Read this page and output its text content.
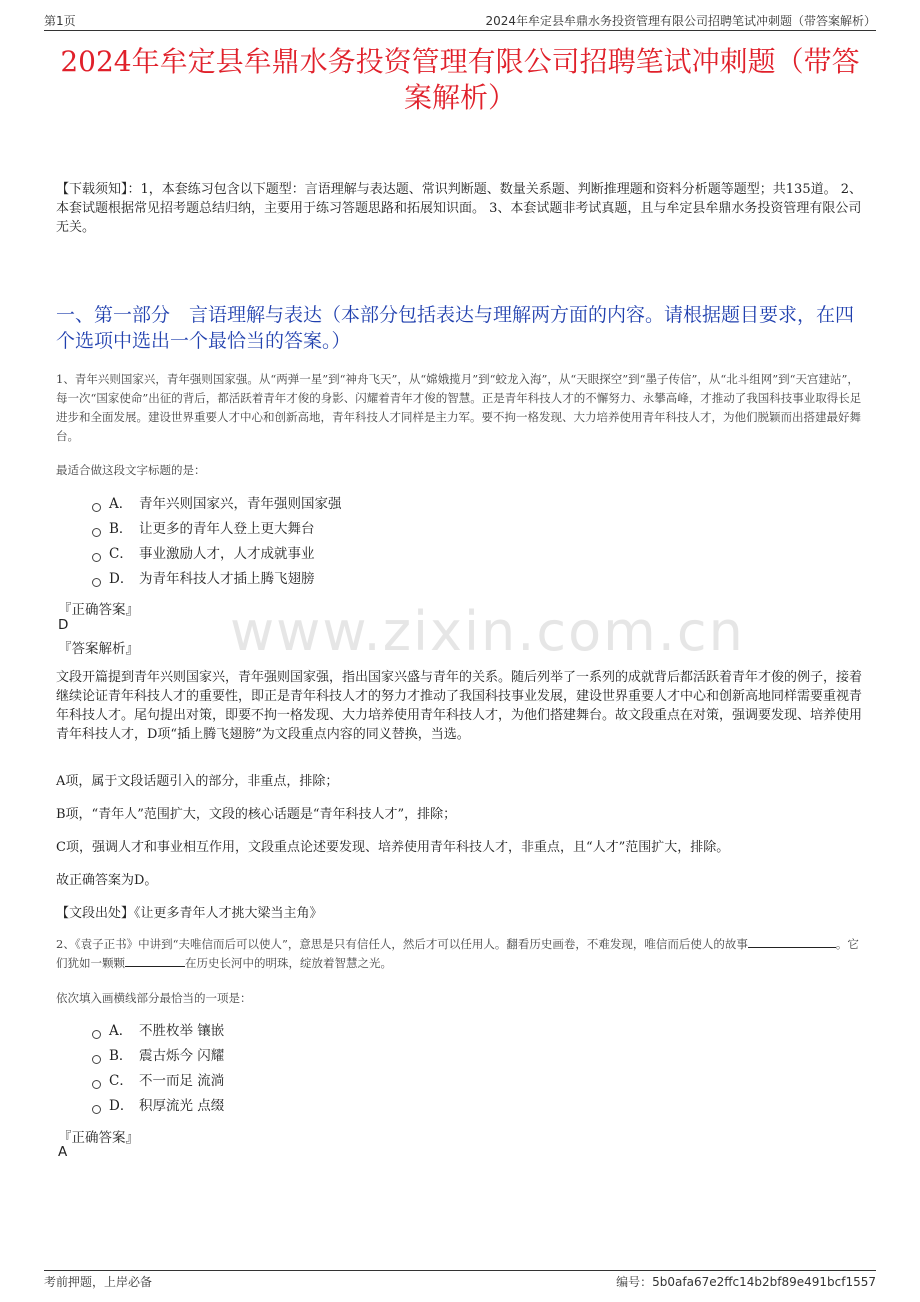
第1页	2024年牟定县牟鼎水务投资管理有限公司招聘笔试冲刺题（带答案解析）
2024年牟定县牟鼎水务投资管理有限公司招聘笔试冲刺题（带答案解析）
【下载须知】：1，本套练习包含以下题型：言语理解与表达题、常识判断题、数量关系题、判断推理题和资料分析题等题型；共135道。 2、本套试题根据常见招考题总结归纳，主要用于练习答题思路和拓展知识面。 3、本套试题非考试真题，且与牟定县牟鼎水务投资管理有限公司无关。
一、第一部分　言语理解与表达（本部分包括表达与理解两方面的内容。请根据题目要求，在四个选项中选出一个最恰当的答案。）
1、青年兴则国家兴，青年强则国家强。从“两弹一星”到“神舟飞天”，从“嫦娥揽月”到“蛟龙入海”，从“天眼探空”到“墨子传信”，从“北斗组网”到“天宫建站”，每一次“国家使命”出征的背后，都活跃着青年才俊的身影、闪耀着青年才俊的智慧。正是青年科技人才的不懈努力、永攀高峰，才推动了我国科技事业取得长足进步和全面发展。建设世界重要人才中心和创新高地，青年科技人才同样是主力军。要不拘一格发现、大力培养使用青年科技人才，为他们脱颖而出搭建最好舞台。
最适合做这段文字标题的是：
A． 青年兴则国家兴，青年强则国家强
B． 让更多的青年人登上更大舞台
C． 事业激励人才，人才成就事业
D． 为青年科技人才插上腾飞翅膀
『正确答案』
D
『答案解析』 www.zixin.com.cn
文段开篇提到青年兴则国家兴，青年强则国家强，指出国家兴盛与青年的关系。随后列举了一系列的成就背后都活跃着青年才俊的例子，接着继续论证青年科技人才的重要性，即正是青年科技人才的努力才推动了我国科技事业发展，建设世界重要人才中心和创新高地同样需要重视青年科技人才。尾句提出对策，即要不拘一格发现、大力培养使用青年科技人才，为他们搭建舞台。故文段重点在对策，强调要发现、培养使用青年科技人才，D项“插上腾飞翅膀”为文段重点内容的同义替换，当选。
A项，属于文段话题引入的部分，非重点，排除；
B项，“青年人”范围扩大，文段的核心话题是“青年科技人才”，排除；
C项，强调人才和事业相互作用，文段重点论述要发现、培养使用青年科技人才，非重点，且“人才”范围扩大，排除。
故正确答案为D。
【文段出处】《让更多青年人才挑大梁当主角》
2、《袁子正书》中讲到“夫唯信而后可以使人”，意思是只有信任人，然后才可以任用人。翻看历史画卷，不难发现，唯信而后使人的故事	。它们犹如一颗颗	在历史长河中的明珠，绽放着智慧之光。
依次填入画横线部分最恰当的一项是：
A． 不胜枚举 镶嵌
B． 震古烁今 闪耀
C． 不一而足 流淌
D． 积厚流光 点缀
『正确答案』
A
考前押题，上岸必备	编号：5b0afa67e2ffc14b2bf89e491bcf1557
